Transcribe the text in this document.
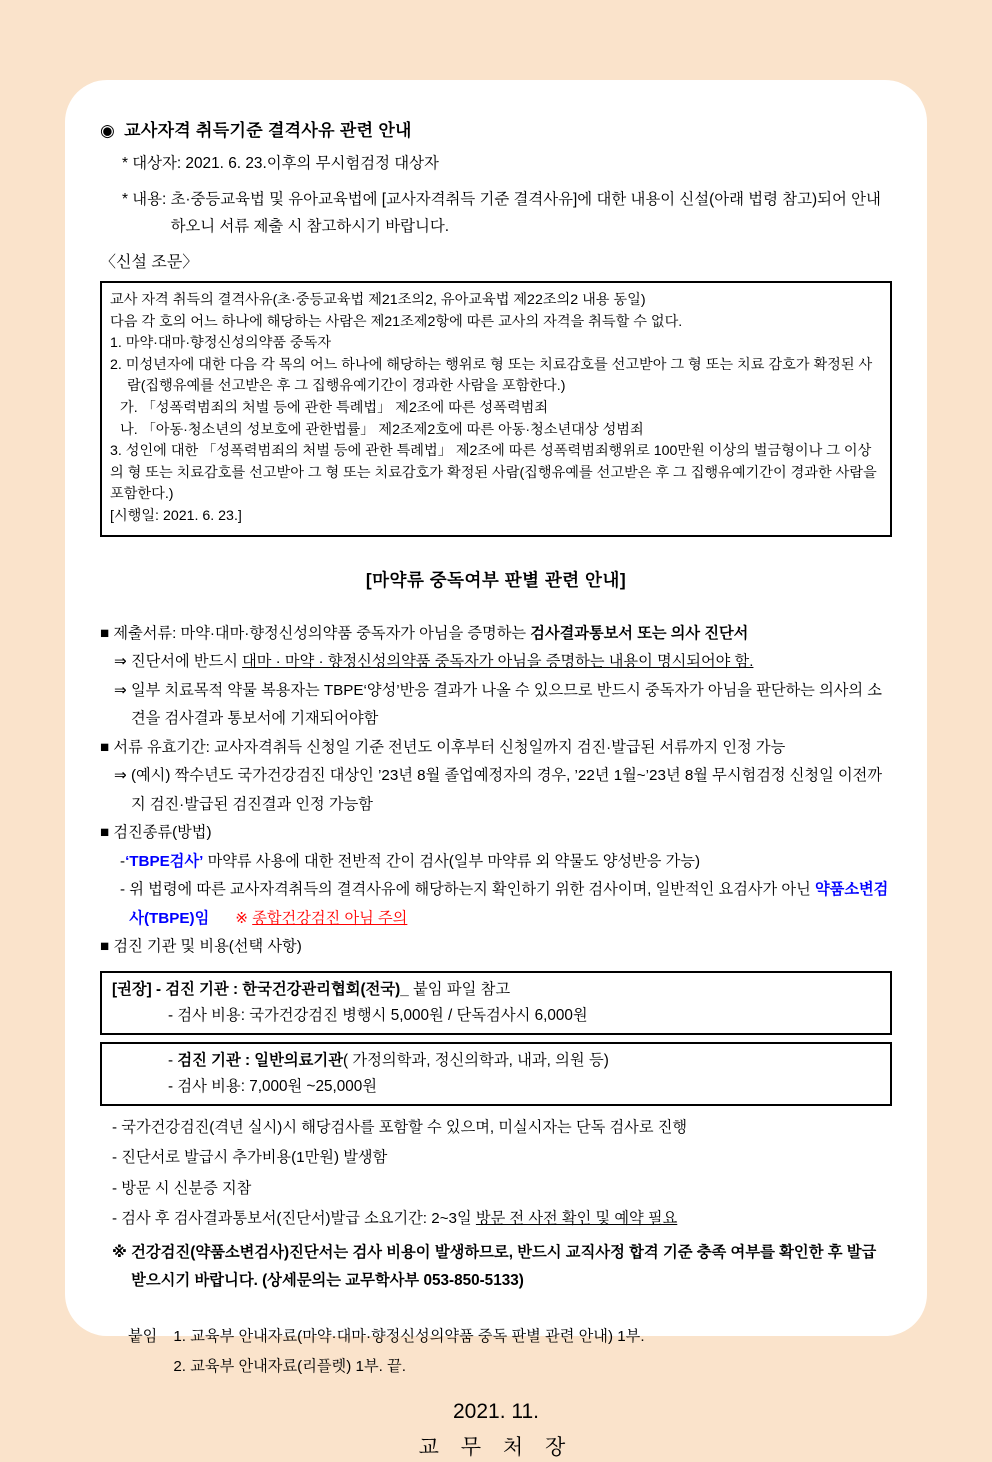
◉ 교사자격 취득기준 결격사유 관련 안내
* 대상자: 2021. 6. 23.이후의 무시험검정 대상자
* 내용: 초·중등교육법 및 유아교육법에 [교사자격취득 기준 결격사유]에 대한 내용이 신설(아래 법령 참고)되어 안내하오니 서류 제출 시 참고하시기 바랍니다.
〈신설 조문〉
교사 자격 취득의 결격사유(초·중등교육법 제21조의2, 유아교육법 제22조의2 내용 동일)
다음 각 호의 어느 하나에 해당하는 사람은 제21조제2항에 따른 교사의 자격을 취득할 수 없다.
1. 마약·대마·향정신성의약품 중독자
2. 미성년자에 대한 다음 각 목의 어느 하나에 해당하는 행위로 형 또는 치료감호를 선고받아 그 형 또는 치료 감호가 확정된 사람(집행유예를 선고받은 후 그 집행유예기간이 경과한 사람을 포함한다.)
가. 「성폭력범죄의 처벌 등에 관한 특례법」 제2조에 따른 성폭력범죄
나. 「아동·청소년의 성보호에 관한법률」 제2조제2호에 따른 아동·청소년대상 성범죄
3. 성인에 대한 「성폭력범죄의 처벌 등에 관한 특례법」 제2조에 따른 성폭력범죄행위로 100만원 이상의 벌금형이나 그 이상의 형 또는 치료감호를 선고받아 그 형 또는 치료감호가 확정된 사람(집행유예를 선고받은 후 그 집행유예기간이 경과한 사람을 포함한다.)
[시행일: 2021. 6. 23.]
[마약류 중독여부 판별 관련 안내]
■ 제출서류: 마약·대마·향정신성의약품 중독자가 아님을 증명하는 검사결과통보서 또는 의사 진단서
⇒ 진단서에 반드시 대마 · 마약 · 향정신성의약품 중독자가 아님을 증명하는 내용이 명시되어야 함.
⇒ 일부 치료목적 약물 복용자는 TBPE‘양성’반응 결과가 나올 수 있으므로 반드시 중독자가 아님을 판단하는 의사의 소견을 검사결과 통보서에 기재되어야함
■ 서류 유효기간: 교사자격취득 신청일 기준 전년도 이후부터 신청일까지 검진·발급된 서류까지 인정 가능
⇒ (예시) 짝수년도 국가건강검진 대상인 ’23년 8월 졸업예정자의 경우, ’22년 1월~’23년 8월 무시험검정 신청일 이전까지 검진·발급된 검진결과 인정 가능함
■ 검진종류(방법)
-‘TBPE검사’ 마약류 사용에 대한 전반적 간이 검사(일부 마약류 외 약물도 양성반응 가능)
- 위 법령에 따른 교사자격취득의 결격사유에 해당하는지 확인하기 위한 검사이며, 일반적인 요검사가 아닌 약품소변검사(TBPE)임 ※ 종합건강검진 아님 주의
■ 검진 기관 및 비용(선택 사항)
[권장] - 검진 기관 : 한국건강관리협회(전국)_ 붙임 파일 참고
- 검사 비용: 국가건강검진 병행시 5,000원 / 단독검사시 6,000원
- 검진 기관 : 일반의료기관( 가정의학과, 정신의학과, 내과, 의원 등)
- 검사 비용: 7,000원 ~25,000원
- 국가건강검진(격년 실시)시 해당검사를 포함할 수 있으며, 미실시자는 단독 검사로 진행
- 진단서로 발급시 추가비용(1만원) 발생함
- 방문 시 신분증 지참
- 검사 후 검사결과통보서(진단서)발급 소요기간: 2~3일 방문 전 사전 확인 및 예약 필요
※ 건강검진(약품소변검사)진단서는 검사 비용이 발생하므로, 반드시 교직사정 합격 기준 충족 여부를 확인한 후 발급 받으시기 바랍니다. (상세문의는 교무학사부 053-850-5133)
붙임 1. 교육부 안내자료(마약·대마·향정신성의약품 중독 판별 관련 안내) 1부.
2. 교육부 안내자료(리플렛) 1부. 끝.
2021. 11.
교 무 처 장
